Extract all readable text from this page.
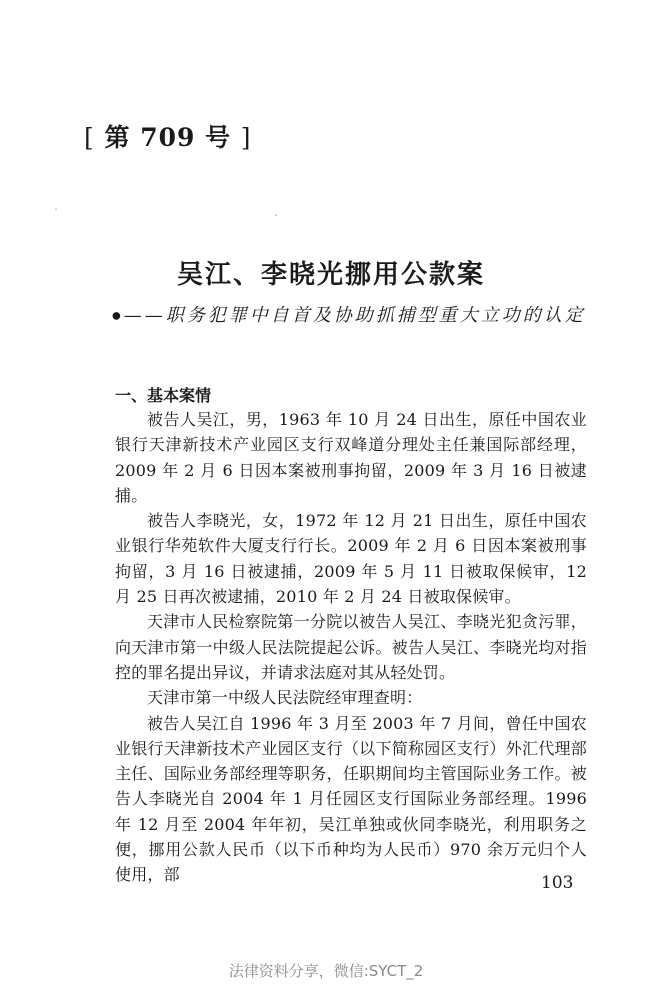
[ 第 709 号 ]
吴江、李晓光挪用公款案
●——职务犯罪中自首及协助抓捕型重大立功的认定
一、基本案情

被告人吴江，男，1963 年 10 月 24 日出生，原任中国农业银行天津新技术产业园区支行双峰道分理处主任兼国际部经理，2009 年 2 月 6 日因本案被刑事拘留，2009 年 3 月 16 日被逮捕。

被告人李晓光，女，1972 年 12 月 21 日出生，原任中国农业银行华苑软件大厦支行行长。2009 年 2 月 6 日因本案被刑事拘留，3 月 16 日被逮捕，2009 年 5 月 11 日被取保候审，12 月 25 日再次被逮捕，2010 年 2 月 24 日被取保候审。

天津市人民检察院第一分院以被告人吴江、李晓光犯贪污罪，向天津市第一中级人民法院提起公诉。被告人吴江、李晓光均对指控的罪名提出异议，并请求法庭对其从轻处罚。

天津市第一中级人民法院经审理查明：

被告人吴江自 1996 年 3 月至 2003 年 7 月间，曾任中国农业银行天津新技术产业园区支行（以下简称园区支行）外汇代理部主任、国际业务部经理等职务，任职期间均主管国际业务工作。被告人李晓光自 2004 年 1 月任园区支行国际业务部经理。1996 年 12 月至 2004 年年初，吴江单独或伙同李晓光，利用职务之便，挪用公款人民币（以下币种均为人民币）970 余万元归个人使用，部	103
法律资料分享，微信:SYCT_2
